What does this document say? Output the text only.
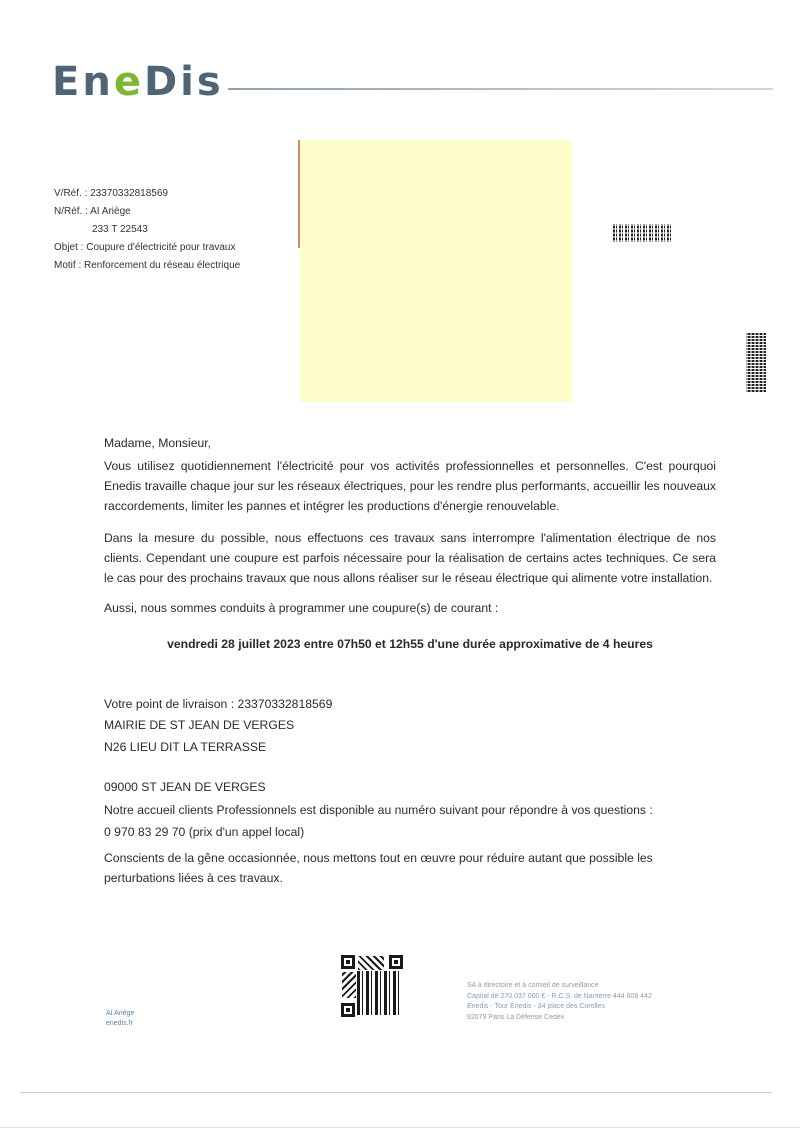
EneDis
V/Réf. : 23370332818569
N/Réf. : AI Ariège
233 T 22543
Objet : Coupure d'électricité pour travaux
Motif : Renforcement du réseau électrique
Madame, Monsieur,
Vous utilisez quotidiennement l'électricité pour vos activités professionnelles et personnelles. C'est pourquoi Enedis travaille chaque jour sur les réseaux électriques, pour les rendre plus performants, accueillir les nouveaux raccordements, limiter les pannes et intégrer les productions d'énergie renouvelable.
Dans la mesure du possible, nous effectuons ces travaux sans interrompre l'alimentation électrique de nos clients. Cependant une coupure est parfois nécessaire pour la réalisation de certains actes techniques. Ce sera le cas pour des prochains travaux que nous allons réaliser sur le réseau électrique qui alimente votre installation.
Aussi, nous sommes conduits à programmer une coupure(s) de courant :
vendredi 28 juillet 2023 entre 07h50 et 12h55 d'une durée approximative de 4 heures
Votre point de livraison : 23370332818569
MAIRIE DE ST JEAN DE VERGES
N26 LIEU DIT LA TERRASSE
09000 ST JEAN DE VERGES
Notre accueil clients Professionnels est disponible au numéro suivant pour répondre à vos questions :
0 970 83 29 70 (prix d'un appel local)
Conscients de la gêne occasionnée, nous mettons tout en œuvre pour réduire autant que possible les perturbations liées à ces travaux.
AI Ariège
enedis.fr
SA à directoire et à conseil de surveillance
Capital de 270 037 000 € - R.C.S. de Nanterre 444 608 442
Enedis - Tour Enedis - 34 place des Corolles
92079 Paris La Défense Cedex
